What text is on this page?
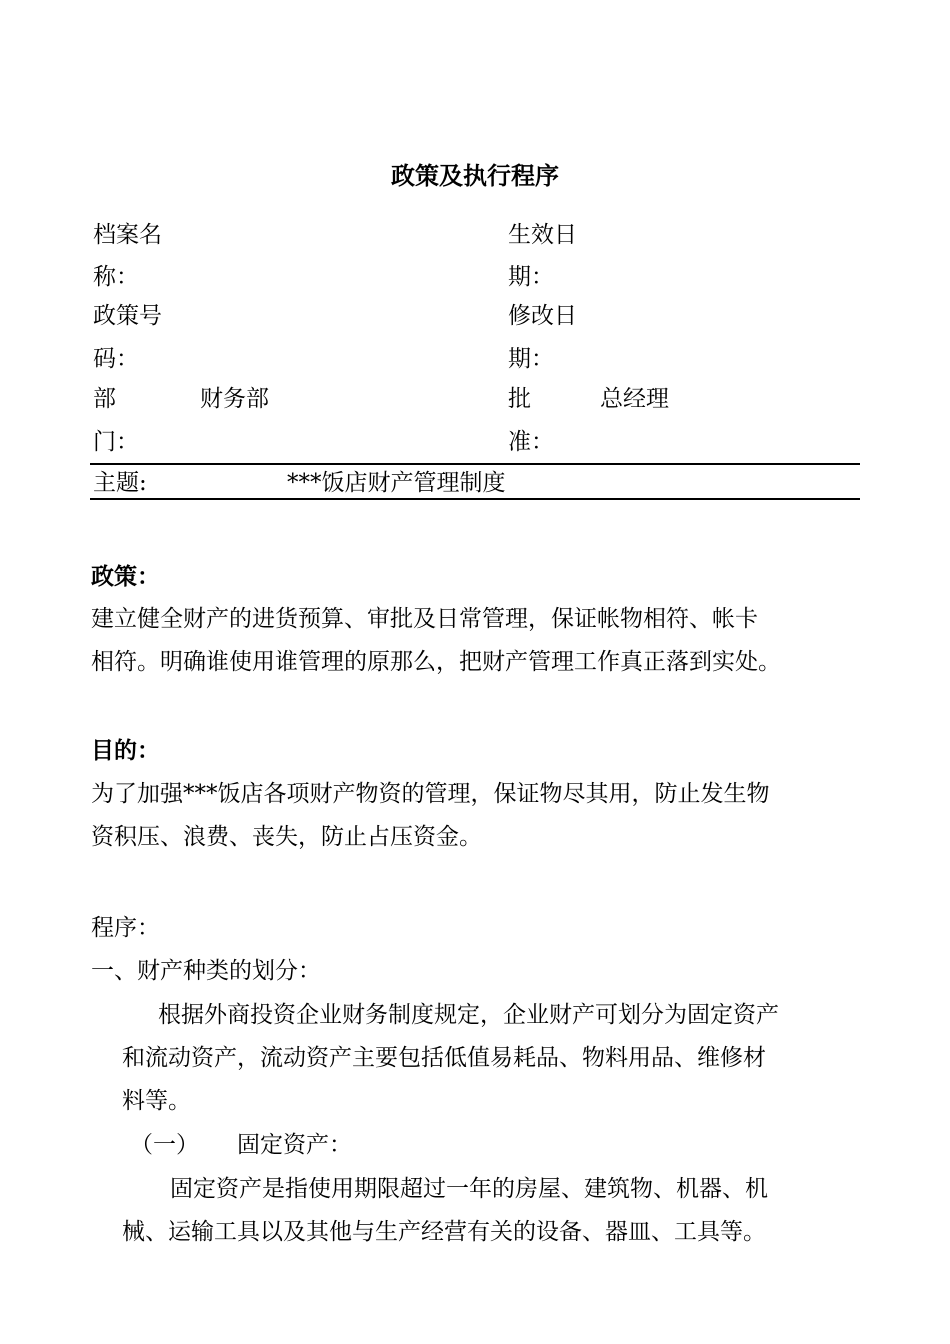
政策及执行程序
档案名
称：
生效日
期：
政策号
码：
修改日
期：
部
门：
财务部	批
准：
总经理
主题:	***饭店财产管理制度
政策：
建立健全财产的进货预算、审批及日常管理，保证帐物相符、帐卡
相符。明确谁使用谁管理的原那么，把财产管理工作真正落到实处。
目的：
为了加强***饭店各项财产物资的管理，保证物尽其用，防止发生物
资积压、浪费、丧失，防止占压资金。
程序：
一、财产种类的划分：
根据外商投资企业财务制度规定，企业财产可划分为固定资产
和流动资产，流动资产主要包括低值易耗品、物料用品、维修材
料等。
（一） 固定资产：
固定资产是指使用期限超过一年的房屋、建筑物、机器、机
械、运输工具以及其他与生产经营有关的设备、器皿、工具等。
